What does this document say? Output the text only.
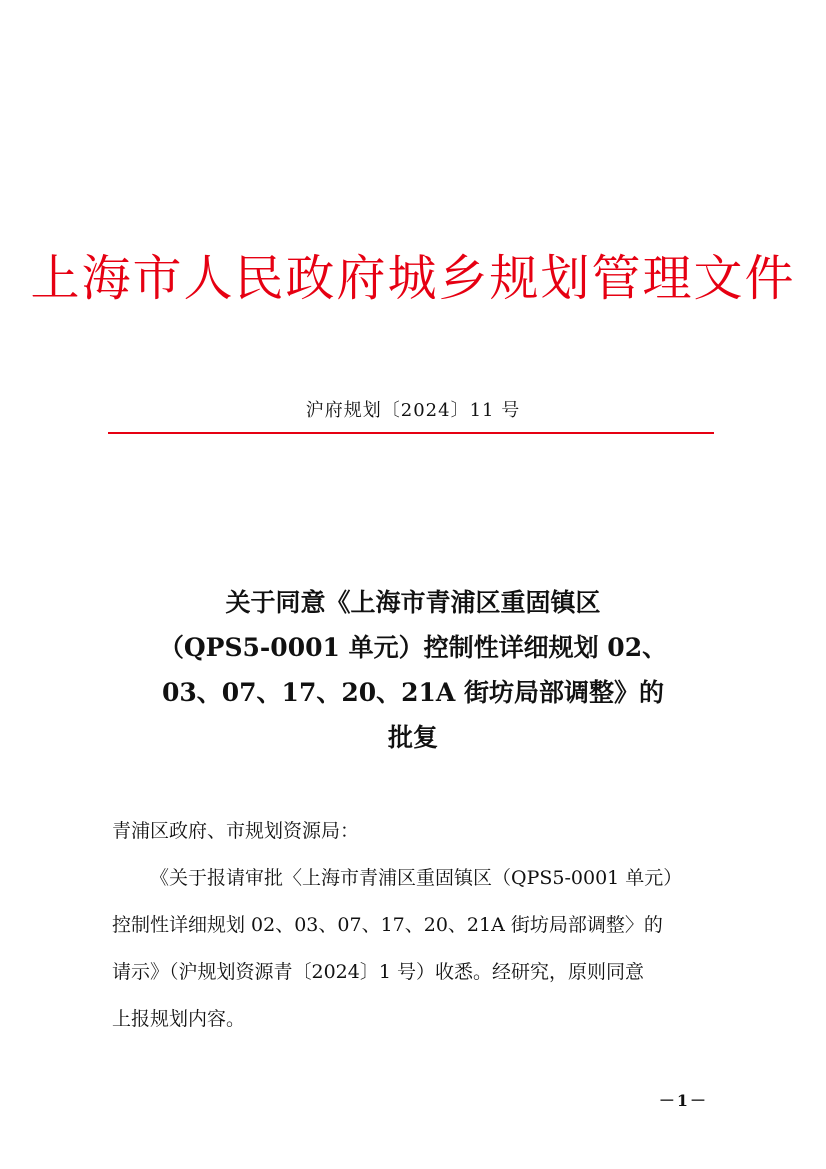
上海市人民政府城乡规划管理文件
沪府规划〔2024〕11 号
关于同意《上海市青浦区重固镇区
（QPS5-0001 单元）控制性详细规划 02、
03、07、17、20、21A 街坊局部调整》的
批复

青浦区政府、市规划资源局：

《关于报请审批〈上海市青浦区重固镇区（QPS5-0001 单元）

控制性详细规划 02、03、07、17、20、21A 街坊局部调整〉的

请示》（沪规划资源青〔2024〕1 号）收悉。经研究，原则同意

上报规划内容。

－1－
